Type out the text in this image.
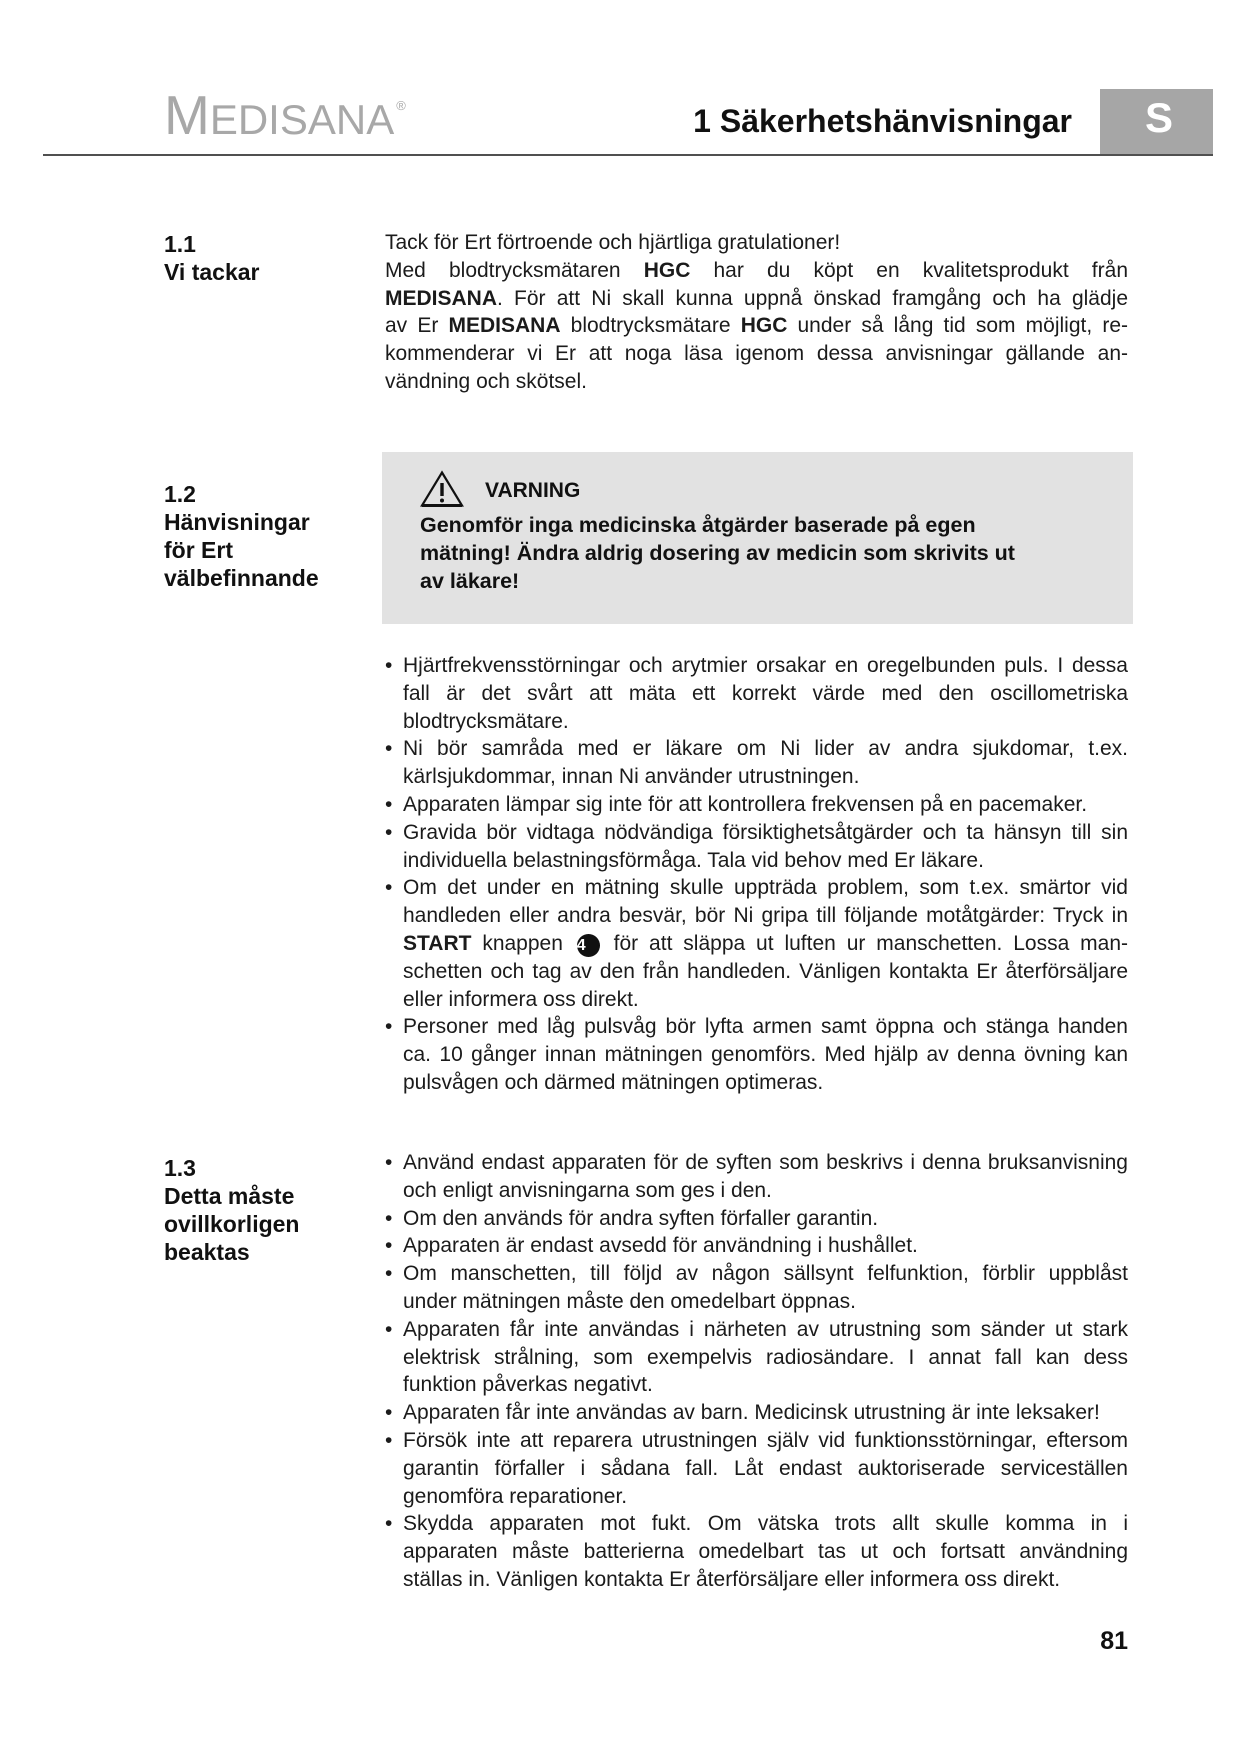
MEDISANA ®	1 Säkerhetshänvisningar	S
1.1
Vi tackar
Tack för Ert förtroende och hjärtliga gratulationer!
Med blodtrycksmätaren HGC har du köpt en kvalitetsprodukt från
MEDISANA. För att Ni skall kunna uppnå önskad framgång och ha glädje
av Er MEDISANA blodtrycksmätare HGC under så lång tid som möjligt, re-
kommenderar vi Er att noga läsa igenom dessa anvisningar gällande an-
vändning och skötsel.
1.2
Hänvisningar
för Ert
välbefinnande
VARNING
Genomför inga medicinska åtgärder baserade på egen
mätning! Ändra aldrig dosering av medicin som skrivits ut
av läkare!
• Hjärtfrekvensstörningar och arytmier orsakar en oregelbunden puls. I dessa
fall är det svårt att mäta ett korrekt värde med den oscillometriska
blodtrycksmätare.
• Ni bör samråda med er läkare om Ni lider av andra sjukdomar, t.ex.
kärlsjukdommar, innan Ni använder utrustningen.
• Apparaten lämpar sig inte för att kontrollera frekvensen på en pacemaker.
• Gravida bör vidtaga nödvändiga försiktighetsåtgärder och ta hänsyn till sin
individuella belastningsförmåga. Tala vid behov med Er läkare.
• Om det under en mätning skulle uppträda problem, som t.ex. smärtor vid
handleden eller andra besvär, bör Ni gripa till följande motåtgärder: Tryck in
START knappen 4 för att släppa ut luften ur manschetten. Lossa man-
schetten och tag av den från handleden. Vänligen kontakta Er återförsäljare
eller informera oss direkt.
• Personer med låg pulsvåg bör lyfta armen samt öppna och stänga handen
ca. 10 gånger innan mätningen genomförs. Med hjälp av denna övning kan
pulsvågen och därmed mätningen optimeras.
1.3
Detta måste
ovillkorligen
beaktas
• Använd endast apparaten för de syften som beskrivs i denna bruksanvisning
och enligt anvisningarna som ges i den.
• Om den används för andra syften förfaller garantin.
• Apparaten är endast avsedd för användning i hushållet.
• Om manschetten, till följd av någon sällsynt felfunktion, förblir uppblåst
under mätningen måste den omedelbart öppnas.
• Apparaten får inte användas i närheten av utrustning som sänder ut stark
elektrisk strålning, som exempelvis radiosändare. I annat fall kan dess
funktion påverkas negativt.
• Apparaten får inte användas av barn. Medicinsk utrustning är inte leksaker!
• Försök inte att reparera utrustningen själv vid funktionsstörningar, eftersom
garantin förfaller i sådana fall. Låt endast auktoriserade serviceställen
genomföra reparationer.
• Skydda apparaten mot fukt. Om vätska trots allt skulle komma in i
apparaten måste batterierna omedelbart tas ut och fortsatt användning
ställas in. Vänligen kontakta Er återförsäljare eller informera oss direkt.
81
